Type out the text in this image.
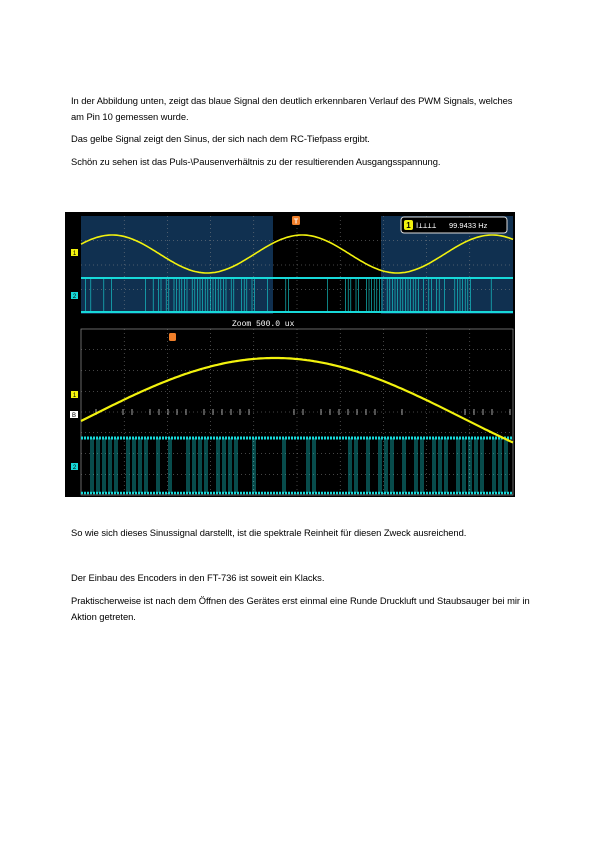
In der Abbildung unten, zeigt das blaue Signal den deutlich erkennbaren Verlauf des PWM Signals, welches am Pin 10 gemessen wurde.

Das gelbe Signal zeigt den Sinus, der sich nach dem RC-Tiefpass ergibt.

Schön zu sehen ist das Puls-\Pausenverhältnis zu der resultierenden Ausgangsspannung.

1 Ⅰ⊥⊥⊥⊥ 99.9433 Hz
T
1
2
Zoom 500.0 ux
1
B
2

So wie sich dieses Sinussignal darstellt, ist die spektrale Reinheit für diesen Zweck ausreichend.

Der Einbau des Encoders in den FT-736 ist soweit ein Klacks.

Praktischerweise ist nach dem Öffnen des Gerätes erst einmal eine Runde Druckluft und Staubsauger bei mir in Aktion getreten.
